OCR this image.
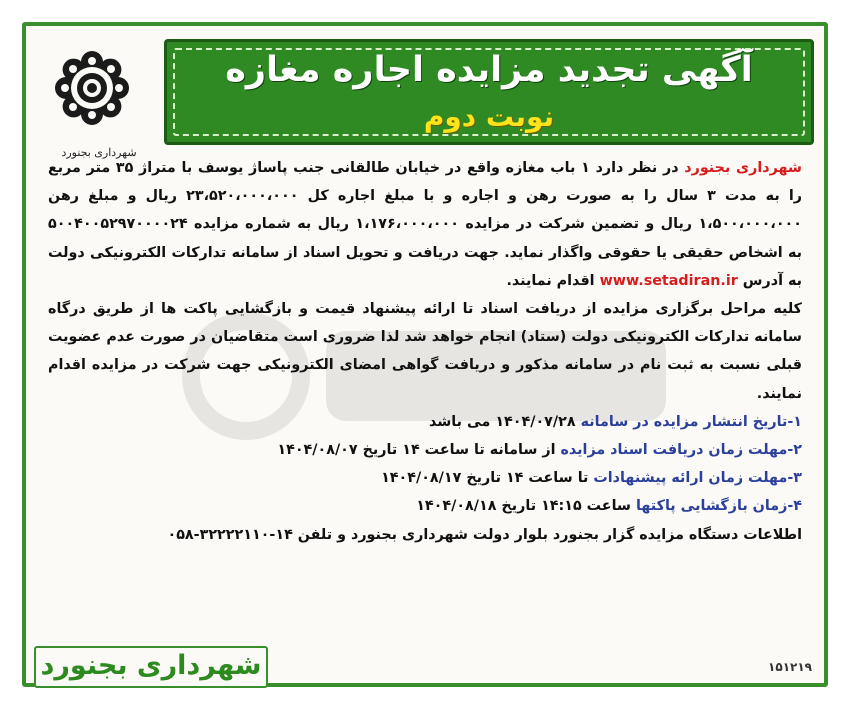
شهرداری بجنورد
آگهی تجدید مزایده اجاره مغازه
نوبت دوم

شهرداری بجنورد در نظر دارد ۱ باب مغازه واقع در خیابان طالقانی جنب پاساژ یوسف با متراژ ۳۵ متر مربع را به مدت ۳ سال را به صورت رهن و اجاره و با مبلغ اجاره کل ۲۳،۵۲۰،۰۰۰،۰۰۰ ریال و مبلغ رهن ۱،۵۰۰،۰۰۰،۰۰۰ ریال و تضمین شرکت در مزایده ۱،۱۷۶،۰۰۰،۰۰۰ ریال به شماره مزایده ۵۰۰۴۰۰۵۲۹۷۰۰۰۰۲۴ به اشخاص حقیقی یا حقوقی واگذار نماید. جهت دریافت و تحویل اسناد از سامانه تدارکات الکترونیکی دولت به آدرس www.setadiran.ir اقدام نمایند.

کلیه مراحل برگزاری مزایده از دریافت اسناد تا ارائه پیشنهاد قیمت و بازگشایی پاکت ها از طریق درگاه سامانه تدارکات الکترونیکی دولت (ستاد) انجام خواهد شد لذا ضروری است متقاضیان در صورت عدم عضویت قبلی نسبت به ثبت نام در سامانه مذکور و دریافت گواهی امضای الکترونیکی جهت شرکت در مزایده اقدام نمایند.

۱-تاریخ انتشار مزایده در سامانه ۱۴۰۴/۰۷/۲۸ می باشد
۲-مهلت زمان دریافت اسناد مزایده از سامانه تا ساعت ۱۴ تاریخ ۱۴۰۴/۰۸/۰۷
۳-مهلت زمان ارائه پیشنهادات تا ساعت ۱۴ تاریخ ۱۴۰۴/۰۸/۱۷
۴-زمان بازگشایی پاکتها ساعت ۱۴:۱۵ تاریخ ۱۴۰۴/۰۸/۱۸

اطلاعات دستگاه مزایده گزار بجنورد بلوار دولت شهرداری بجنورد و تلفن ۱۴-۳۲۲۲۲۱۱۰-۰۵۸

شهرداری بجنورد	۱۵۱۲۱۹
